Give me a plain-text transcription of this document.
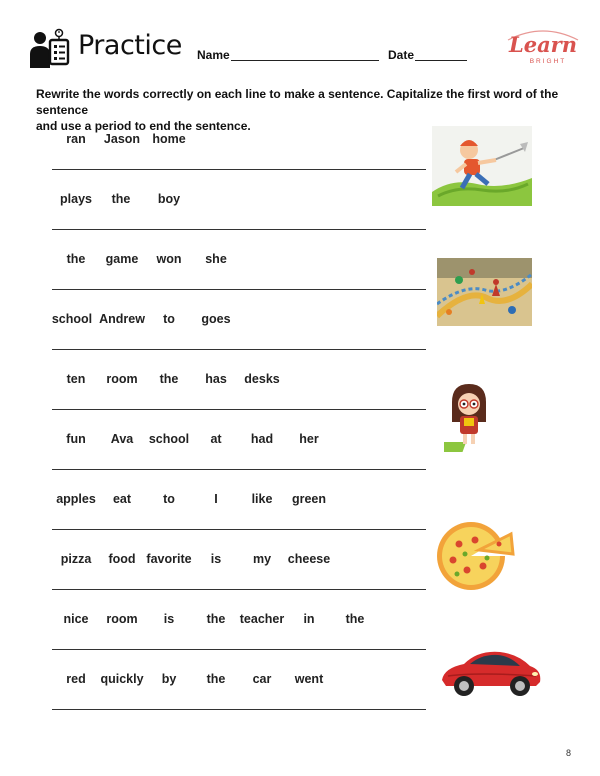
Practice Name	Date	Learn
BRIGHT

Rewrite the words correctly on each line to make a sentence. Capitalize the first word of the sentence

and use a period to end the sentence.

ran Jason home
plays the boy
the game won she
school Andrew to goes
ten room the has desks
fun Ava school at had her
apples eat	to	I	like green
pizza food favorite is	my cheese
nice room is	the teacher in the
red quickly by the car went
8
